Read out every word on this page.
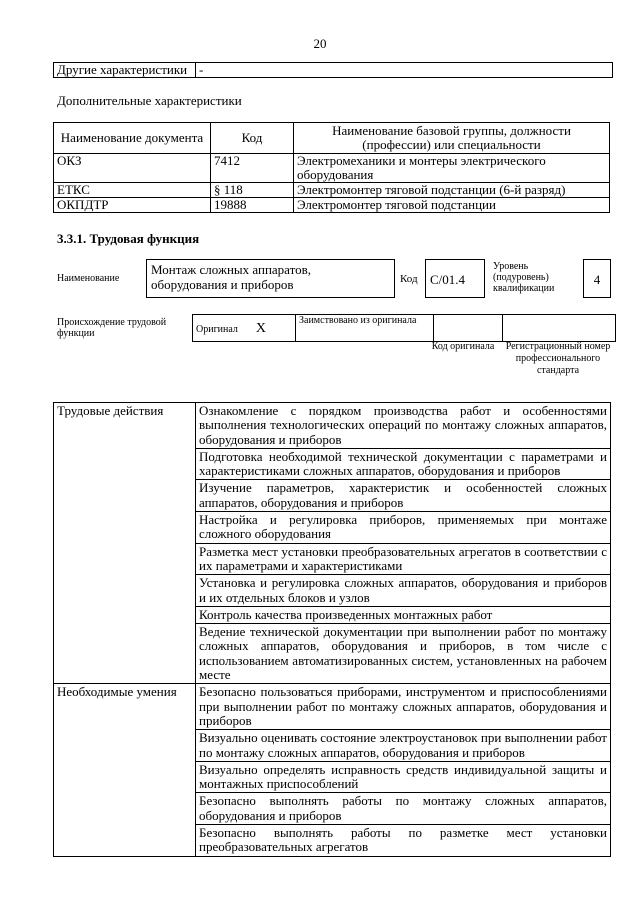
20
Другие характеристики	-
Дополнительные характеристики
Наименование документа	Код	Наименование базовой группы, должности (профессии) или специальности
ОКЗ	7412	Электромеханики и монтеры электрического оборудования
ЕТКС	§ 118	Электромонтер тяговой подстанции (6-й разряд)
ОКПДТР	19888	Электромонтер тяговой подстанции
3.3.1. Трудовая функция
Наименование
Монтаж сложных аппаратов, оборудования и приборов	Код С/01.4
Уровень (подуровень) квалификации
4
Происхождение трудовой функции	Оригинал X	Заимствовано из оригинала		
Код оригинала	Регистрационный номер профессионального стандарта
Трудовые действия	Ознакомление с порядком производства работ и особенностями выполнения технологических операций по монтажу сложных аппаратов, оборудования и приборов
	Подготовка необходимой технической документации с параметрами и характеристиками сложных аппаратов, оборудования и приборов
	Изучение параметров, характеристик и особенностей сложных аппаратов, оборудования и приборов
	Настройка и регулировка приборов, применяемых при монтаже сложного оборудования
	Разметка мест установки преобразовательных агрегатов в соответствии с их параметрами и характеристиками
	Установка и регулировка сложных аппаратов, оборудования и приборов и их отдельных блоков и узлов
	Контроль качества произведенных монтажных работ
	Ведение технической документации при выполнении работ по монтажу сложных аппаратов, оборудования и приборов, в том числе с использованием автоматизированных систем, установленных на рабочем месте
Необходимые умения	Безопасно пользоваться приборами, инструментом и приспособлениями при выполнении работ по монтажу сложных аппаратов, оборудования и приборов
	Визуально оценивать состояние электроустановок при выполнении работ по монтажу сложных аппаратов, оборудования и приборов
	Визуально определять исправность средств индивидуальной защиты и монтажных приспособлений
	Безопасно выполнять работы по монтажу сложных аппаратов, оборудования и приборов
	Безопасно выполнять работы по разметке мест установки преобразовательных агрегатов
